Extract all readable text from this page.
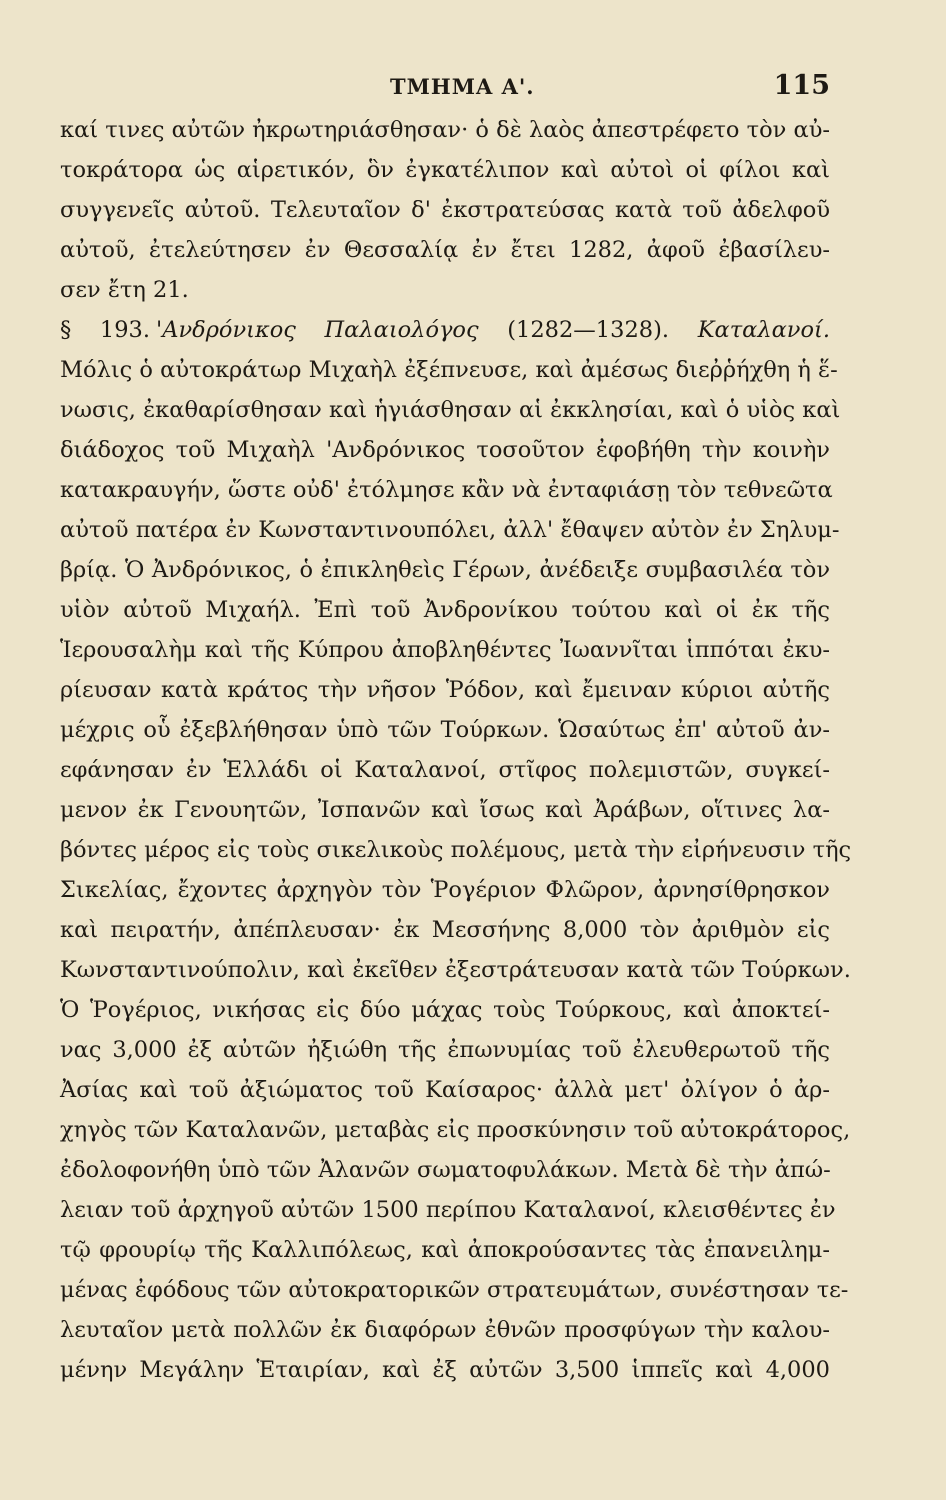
ΤΜΗΜΑ Α'.	115
καί τινες αὐτῶν ἠκρωτηριάσθησαν· ὁ δὲ λαὸς ἀπεστρέφετο τὸν αὐ-
τοκράτορα ὡς αἱρετικόν, ὃν ἐγκατέλιπον καὶ αὐτοὶ οἱ φίλοι καὶ
συγγενεῖς αὐτοῦ. Τελευταῖον δ' ἐκστρατεύσας κατὰ τοῦ ἀδελφοῦ
αὐτοῦ, ἐτελεύτησεν ἐν Θεσσαλίᾳ ἐν ἔτει 1282, ἀφοῦ ἐβασίλευ-
σεν ἔτη 21.
§ 193. 'Ανδρόνικος Παλαιολόγος (1282—1328). Καταλανοί.
Μόλις ὁ αὐτοκράτωρ Μιχαὴλ ἐξέπνευσε, καὶ ἀμέσως διεῤῥήχθη ἡ ἕ-
νωσις, ἐκαθαρίσθησαν καὶ ἡγιάσθησαν αἱ ἐκκλησίαι, καὶ ὁ υἱὸς καὶ
διάδοχος τοῦ Μιχαὴλ 'Ανδρόνικος τοσοῦτον ἐφοβήθη τὴν κοινὴν
κατακραυγήν, ὥστε οὐδ' ἐτόλμησε κἂν νὰ ἐνταφιάσῃ τὸν τεθνεῶτα
αὐτοῦ πατέρα ἐν Κωνσταντινουπόλει, ἀλλ' ἔθαψεν αὐτὸν ἐν Σηλυμ-
βρίᾳ. Ὁ Ἀνδρόνικος, ὁ ἐπικληθεὶς Γέρων, ἀνέδειξε συμβασιλέα τὸν
υἱὸν αὐτοῦ Μιχαήλ. Ἐπὶ τοῦ Ἀνδρονίκου τούτου καὶ οἱ ἐκ τῆς
Ἱερουσαλὴμ καὶ τῆς Κύπρου ἀποβληθέντες Ἰωαννῖται ἱππόται ἐκυ-
ρίευσαν κατὰ κράτος τὴν νῆσον Ῥόδον, καὶ ἔμειναν κύριοι αὐτῆς
μέχρις οὗ ἐξεβλήθησαν ὑπὸ τῶν Τούρκων. Ὡσαύτως ἐπ' αὐτοῦ ἀν-
εφάνησαν ἐν Ἑλλάδι οἱ Καταλανοί, στῖφος πολεμιστῶν, συγκεί-
μενον ἐκ Γενουητῶν, Ἰσπανῶν καὶ ἴσως καὶ Ἀράβων, οἵτινες λα-
βόντες μέρος εἰς τοὺς σικελικοὺς πολέμους, μετὰ τὴν εἰρήνευσιν τῆς
Σικελίας, ἔχοντες ἀρχηγὸν τὸν Ῥογέριον Φλῶρον, ἀρνησίθρησκον
καὶ πειρατήν, ἀπέπλευσαν· ἐκ Μεσσήνης 8,000 τὸν ἀριθμὸν εἰς
Κωνσταντινούπολιν, καὶ ἐκεῖθεν ἐξεστράτευσαν κατὰ τῶν Τούρκων.
Ὁ Ῥογέριος, νικήσας εἰς δύο μάχας τοὺς Τούρκους, καὶ ἀποκτεί-
νας 3,000 ἐξ αὐτῶν ἠξιώθη τῆς ἐπωνυμίας τοῦ ἐλευθερωτοῦ τῆς
Ἀσίας καὶ τοῦ ἀξιώματος τοῦ Καίσαρος· ἀλλὰ μετ' ὀλίγον ὁ ἀρ-
χηγὸς τῶν Καταλανῶν, μεταβὰς εἰς προσκύνησιν τοῦ αὐτοκράτορος,
ἐδολοφονήθη ὑπὸ τῶν Ἀλανῶν σωματοφυλάκων. Μετὰ δὲ τὴν ἀπώ-
λειαν τοῦ ἀρχηγοῦ αὐτῶν 1500 περίπου Καταλανοί, κλεισθέντες ἐν
τῷ φρουρίῳ τῆς Καλλιπόλεως, καὶ ἀποκρούσαντες τὰς ἐπανειλημ-
μένας ἐφόδους τῶν αὐτοκρατορικῶν στρατευμάτων, συνέστησαν τε-
λευταῖον μετὰ πολλῶν ἐκ διαφόρων ἐθνῶν προσφύγων τὴν καλου-
μένην Μεγάλην Ἑταιρίαν, καὶ ἐξ αὐτῶν 3,500 ἱππεῖς καὶ 4,000
